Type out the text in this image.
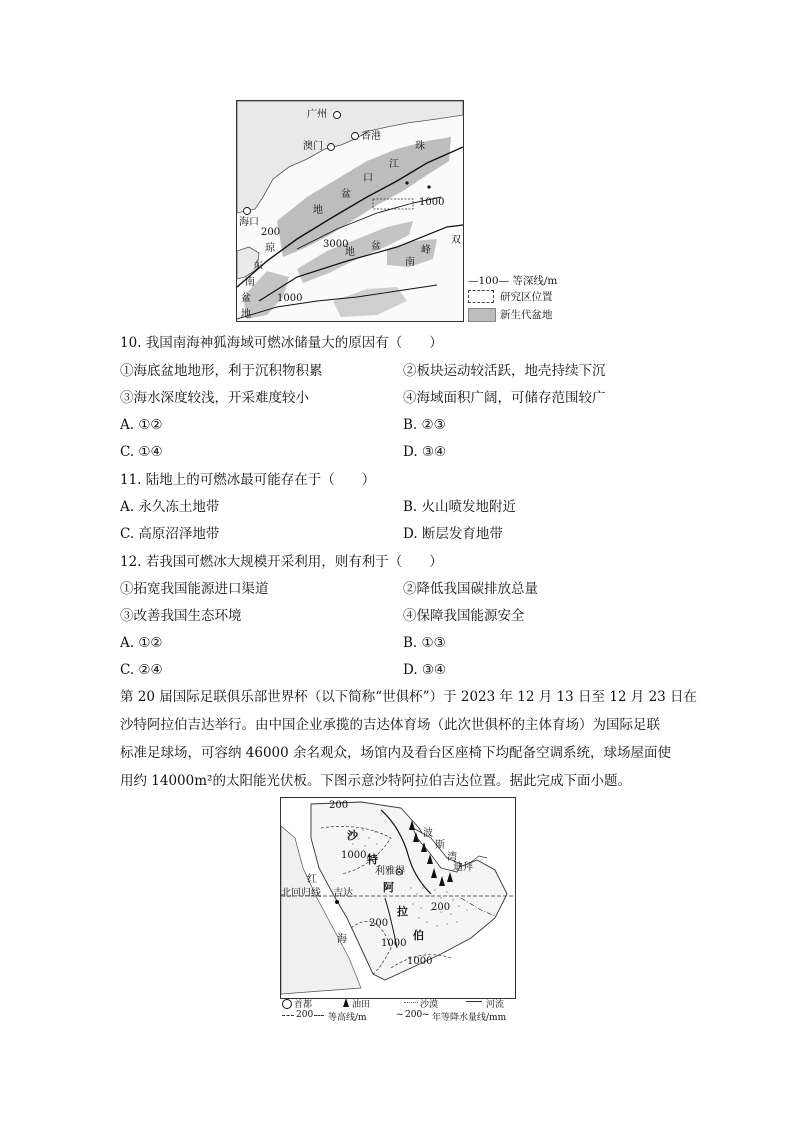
广州
香港
澳门
海口
珠
江
口
盆
地
琼
东
南
盆
地
双
峰
南
盆
地
200
1000
3000
1000
—100— 等深线/m
研究区位置
新生代盆地
10. 我国南海神狐海域可燃冰储量大的原因有（　　）
①海底盆地地形，利于沉积物积累	②板块运动较活跃，地壳持续下沉
③海水深度较浅，开采难度较小	④海域面积广阔，可储存范围较广
A. ①②	B. ②③
C. ①④	D. ③④
11. 陆地上的可燃冰最可能存在于（　　）
A. 永久冻土地带	B. 火山喷发地附近
C. 高原沼泽地带	D. 断层发育地带
12. 若我国可燃冰大规模开采利用，则有利于（　　）
①拓宽我国能源进口渠道	②降低我国碳排放总量
③改善我国生态环境	④保障我国能源安全
A. ①②	B. ①③
C. ②④	D. ③④
第 20 届国际足联俱乐部世界杯（以下简称“世俱杯”）于 2023 年 12 月 13 日至 12 月 23 日在
沙特阿拉伯吉达举行。由中国企业承揽的吉达体育场（此次世俱杯的主体育场）为国际足联
标准足球场，可容纳 46000 余名观众，场馆内及看台区座椅下均配备空调系统，球场屋面使
用约 14000m²的太阳能光伏板。下图示意沙特阿拉伯吉达位置。据此完成下面小题。
沙
特
阿
拉
伯
利雅得
波
斯
湾
迪拜
红
海
吉达
北回归线
200
1000
200
200
1000
1000
首都	油田	沙漠	河流
200 等高线/m	~ 200 ~ 年等降水量线/mm
